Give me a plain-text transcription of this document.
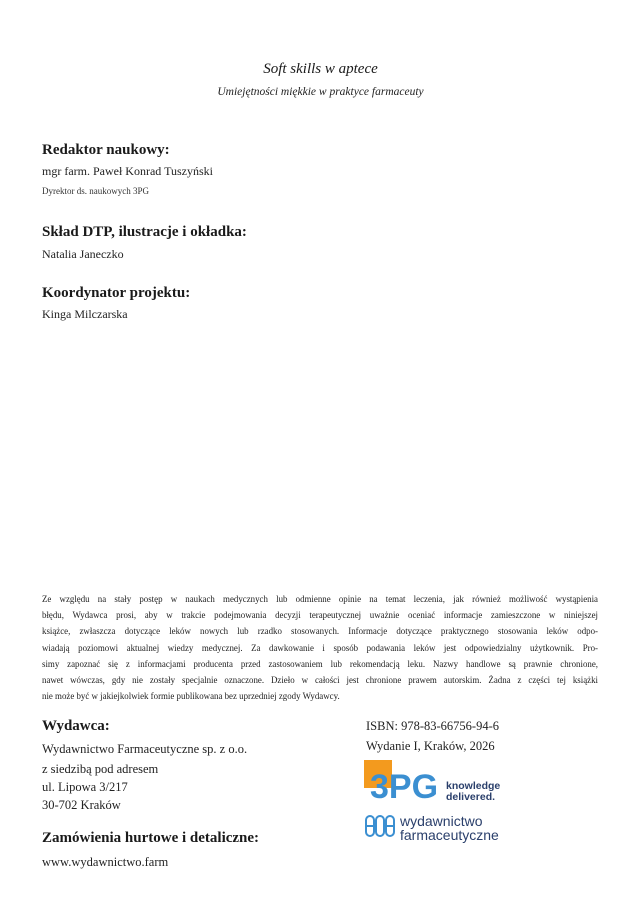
Soft skills w aptece
Umiejętności miękkie w praktyce farmaceuty
Redaktor naukowy:
mgr farm. Paweł Konrad Tuszyński
Dyrektor ds. naukowych 3PG
Skład DTP, ilustracje i okładka:
Natalia Janeczko
Koordynator projektu:
Kinga Milczarska
Ze względu na stały postęp w naukach medycznych lub odmienne opinie na temat leczenia, jak również możliwość wystąpienia
błędu, Wydawca prosi, aby w trakcie podejmowania decyzji terapeutycznej uważnie oceniać informacje zamieszczone w niniejszej
książce, zwłaszcza dotyczące leków nowych lub rzadko stosowanych. Informacje dotyczące praktycznego stosowania leków odpo-
wiadają poziomowi aktualnej wiedzy medycznej. Za dawkowanie i sposób podawania leków jest odpowiedzialny użytkownik. Pro-
simy zapoznać się z informacjami producenta przed zastosowaniem lub rekomendacją leku. Nazwy handlowe są prawnie chronione,
nawet wówczas, gdy nie zostały specjalnie oznaczone. Dzieło w całości jest chronione prawem autorskim. Żadna z części tej książki
nie może być w jakiejkolwiek formie publikowana bez uprzedniej zgody Wydawcy.
Wydawca:
Wydawnictwo Farmaceutyczne sp. z o.o.
z siedzibą pod adresem
ul. Lipowa 3/217
30-702 Kraków
Zamówienia hurtowe i detaliczne:
www.wydawnictwo.farm
ISBN: 978-83-66756-94-6
Wydanie I, Kraków, 2026
3PG knowledge
delivered.
wydawnictwo
farmaceutyczne
